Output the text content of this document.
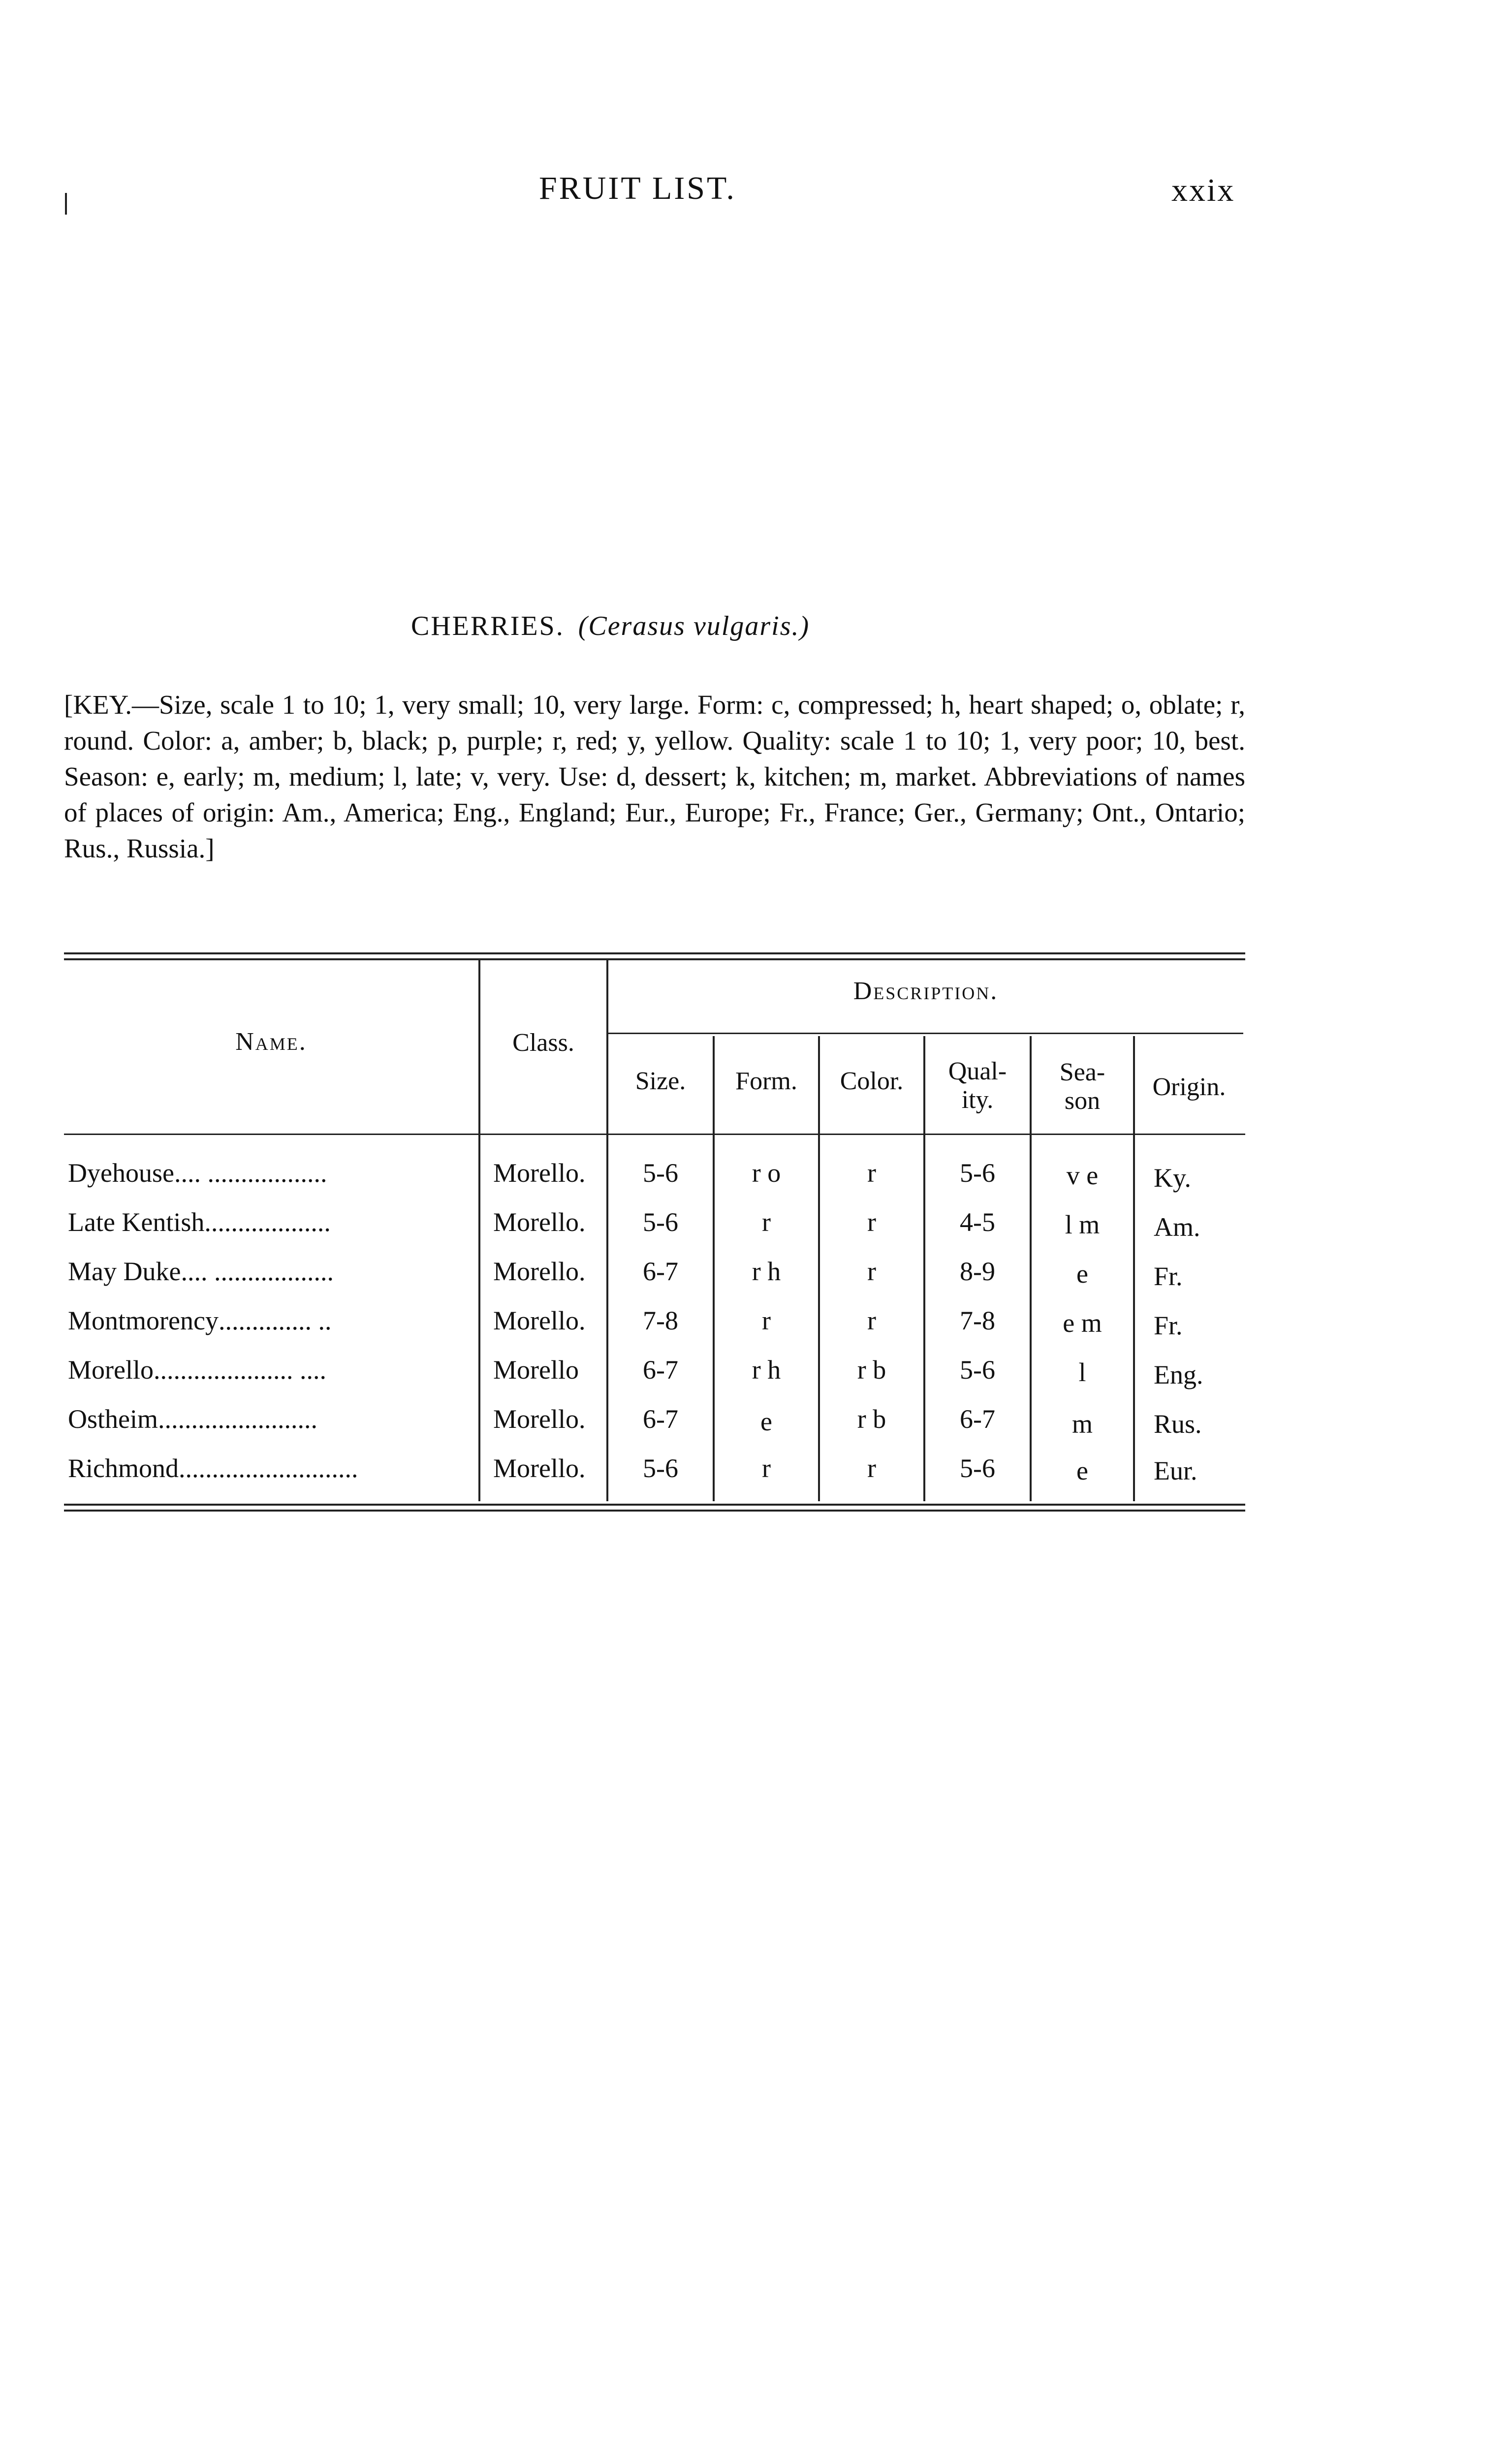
FRUIT LIST.	xxix
CHERRIES. (Cerasus vulgaris.)
[KEY.—Size, scale 1 to 10; 1, very small; 10, very large. Form: c, compressed; h, heart shaped; o, oblate; r, round. Color: a, amber; b, black; p, purple; r, red; y, yellow. Quality: scale 1 to 10; 1, very poor; 10, best. Season: e, early; m, medium; l, late; v, very. Use: d, dessert; k, kitchen; m, market. Abbreviations of names of places of origin: Am., America; Eng., England; Eur., Europe; Fr., France; Ger., Germany; Ont., Ontario; Rus., Russia.]
Name.	Class.
Description.
Size.	Form.	Color.	Qual-
ity.
Sea-
son	Origin.
Dyehouse.... ..................	Morello.	5-6	r o	r	5-6	v e	Ky.
Late Kentish...................	Morello.	5-6	r	r	4-5	l m	Am.
May Duke.... ..................	Morello.	6-7	r h	r	8-9	e	Fr.
Montmorency.............. ..	Morello.	7-8	r	r	7-8	e m	Fr.
Morello..................... ....	Morello	6-7	r h	r b	5-6	l	Eng.
Ostheim........................	Morello.	6-7	e	r b	6-7	m	Rus.
Richmond...........................	Morello.	5-6	r	r	5-6	e	Eur.
